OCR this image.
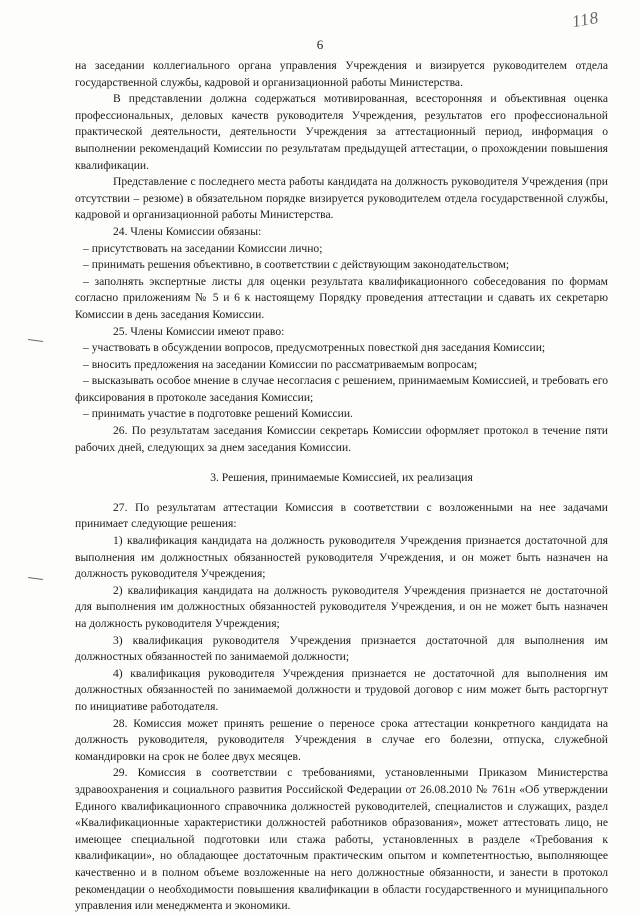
118
6

на заседании коллегиального органа управления Учреждения и визируется руководителем отдела государственной службы, кадровой и организационной работы Министерства.

В представлении должна содержаться мотивированная, всесторонняя и объективная оценка профессиональных, деловых качеств руководителя Учреждения, результатов его профессиональной практической деятельности, деятельности Учреждения за аттестационный период, информация о выполнении рекомендаций Комиссии по результатам предыдущей аттестации, о прохождении повышения квалификации.

Представление с последнего места работы кандидата на должность руководителя Учреждения (при отсутствии – резюме) в обязательном порядке визируется руководителем отдела государственной службы, кадровой и организационной работы Министерства.

24. Члены Комиссии обязаны:

– присутствовать на заседании Комиссии лично;

– принимать решения объективно, в соответствии с действующим законодательством;

– заполнять экспертные листы для оценки результата квалификационного собеседования по формам согласно приложениям № 5 и 6 к настоящему Порядку проведения аттестации и сдавать их секретарю Комиссии в день заседания Комиссии.

25. Члены Комиссии имеют право:

– участвовать в обсуждении вопросов, предусмотренных повесткой дня заседания Комиссии;

– вносить предложения на заседании Комиссии по рассматриваемым вопросам;

– высказывать особое мнение в случае несогласия с решением, принимаемым Комиссией, и требовать его фиксирования в протоколе заседания Комиссии;

– принимать участие в подготовке решений Комиссии.

26. По результатам заседания Комиссии секретарь Комиссии оформляет протокол в течение пяти рабочих дней, следующих за днем заседания Комиссии.

3. Решения, принимаемые Комиссией, их реализация

27. По результатам аттестации Комиссия в соответствии с возложенными на нее задачами принимает следующие решения:

1) квалификация кандидата на должность руководителя Учреждения признается достаточной для выполнения им должностных обязанностей руководителя Учреждения, и он может быть назначен на должность руководителя Учреждения;

2) квалификация кандидата на должность руководителя Учреждения признается не достаточной для выполнения им должностных обязанностей руководителя Учреждения, и он не может быть назначен на должность руководителя Учреждения;

3) квалификация руководителя Учреждения признается достаточной для выполнения им должностных обязанностей по занимаемой должности;

4) квалификация руководителя Учреждения признается не достаточной для выполнения им должностных обязанностей по занимаемой должности и трудовой договор с ним может быть расторгнут по инициативе работодателя.

28. Комиссия может принять решение о переносе срока аттестации конкретного кандидата на должность руководителя, руководителя Учреждения в случае его болезни, отпуска, служебной командировки на срок не более двух месяцев.

29. Комиссия в соответствии с требованиями, установленными Приказом Министерства здравоохранения и социального развития Российской Федерации от 26.08.2010 № 761н «Об утверждении Единого квалификационного справочника должностей руководителей, специалистов и служащих, раздел «Квалификационные характеристики должностей работников образования», может аттестовать лицо, не имеющее специальной подготовки или стажа работы, установленных в разделе «Требования к квалификации», но обладающее достаточным практическим опытом и компетентностью, выполняющее качественно и в полном объеме возложенные на него должностные обязанности, и занести в протокол рекомендации о необходимости повышения квалификации в области государственного и муниципального управления или менеджмента и экономики.
